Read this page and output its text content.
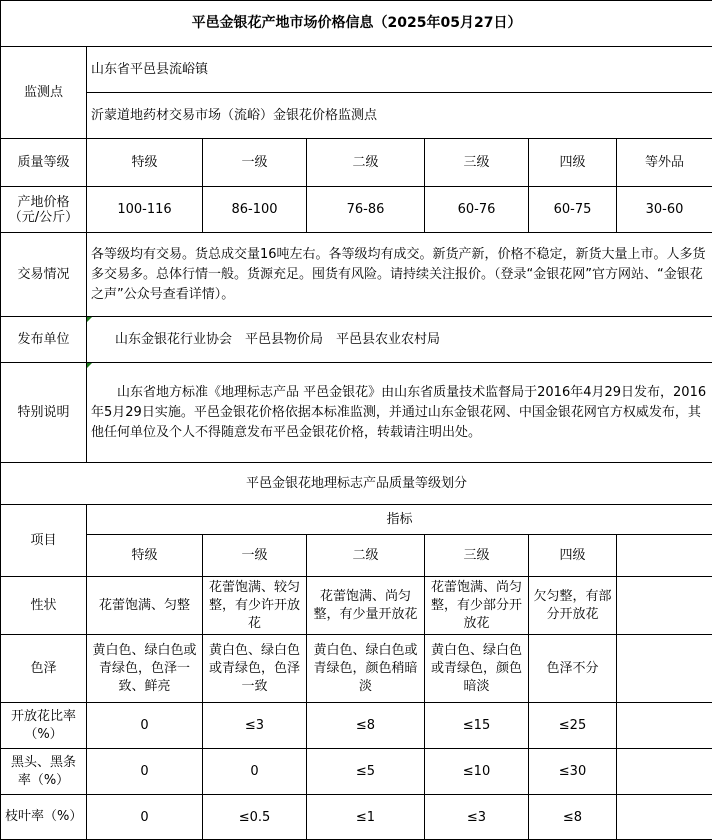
平邑金银花产地市场价格信息（2025年05月27日）						
监测点	山东省平邑县流峪镇					
	沂蒙道地药材交易市场（流峪）金银花价格监测点					
质量等级	特级	一级	二级	三级	四级	等外品
产地价格（元/公斤）	100-116	86-100	76-86	60-76	60-75	30-60
交易情况	各等级均有交易。货总成交量16吨左右。各等级均有成交。新货产新，价格不稳定，新货大量上市。人多货多交易多。总体行情一般。货源充足。囤货有风险。请持续关注报价。（登录“金银花网”官方网站、“金银花之声”公众号查看详情）。					
发布单位	山东金银花行业协会　平邑县物价局　平邑县农业农村局					
特别说明	山东省地方标准《地理标志产品 平邑金银花》由山东省质量技术监督局于2016年4月29日发布，2016年5月29日实施。平邑金银花价格依据本标准监测，并通过山东金银花网、中国金银花网官方权威发布，其他任何单位及个人不得随意发布平邑金银花价格，转载请注明出处。					
平邑金银花地理标志产品质量等级划分						
项目	指标					
	特级	一级	二级	三级	四级	
性状	花蕾饱满、匀整	花蕾饱满、较匀整，有少许开放花	花蕾饱满、尚匀整，有少量开放花	花蕾饱满、尚匀整，有少部分开放花	欠匀整，有部分开放花	
色泽	黄白色、绿白色或青绿色，色泽一致、鲜亮	黄白色、绿白色或青绿色，色泽一致	黄白色、绿白色或青绿色，颜色稍暗淡	黄白色、绿白色或青绿色，颜色暗淡	色泽不分	
开放花比率（%）	0	≤3	≤8	≤15	≤25	
黑头、黑条率（%）	0	0	≤5	≤10	≤30	
枝叶率（%）	0	≤0.5	≤1	≤3	≤8	
